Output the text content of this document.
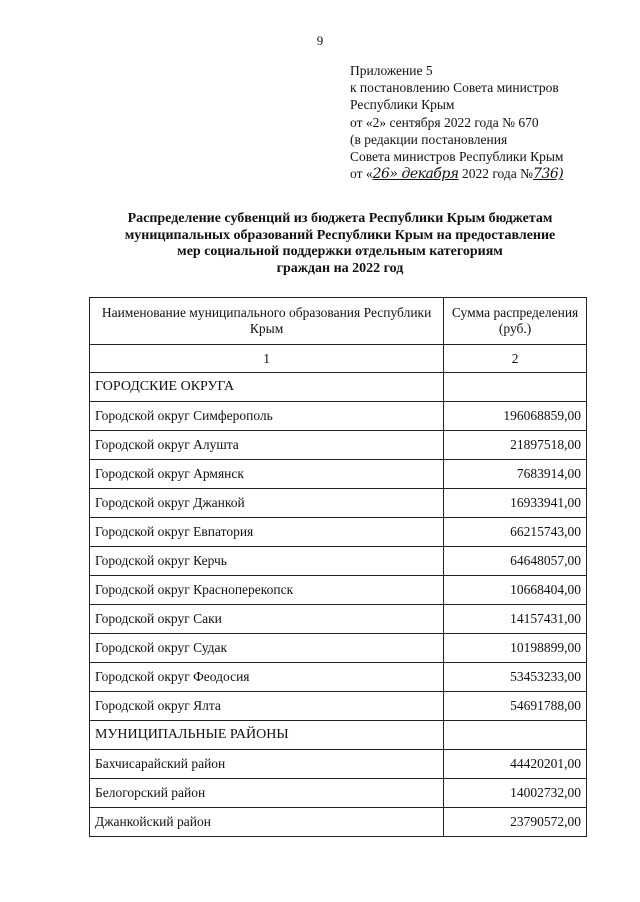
9
Приложение 5
к постановлению Совета министров
Республики Крым
от «2» сентября 2022 года № 670
(в редакции постановления
Совета министров Республики Крым
от «26» декабря 2022 года №736)
Распределение субвенций из бюджета Республики Крым бюджетам
муниципальных образований Республики Крым на предоставление
мер социальной поддержки отдельным категориям
граждан на 2022 год
Наименование муниципального образования Республики Крым	Сумма распределения (руб.)
1	2
ГОРОДСКИЕ ОКРУГА	
Городской округ Симферополь	196068859,00
Городской округ Алушта	21897518,00
Городской округ Армянск	7683914,00
Городской округ Джанкой	16933941,00
Городской округ Евпатория	66215743,00
Городской округ Керчь	64648057,00
Городской округ Красноперекопск	10668404,00
Городской округ Саки	14157431,00
Городской округ Судак	10198899,00
Городской округ Феодосия	53453233,00
Городской округ Ялта	54691788,00
МУНИЦИПАЛЬНЫЕ РАЙОНЫ	
Бахчисарайский район	44420201,00
Белогорский район	14002732,00
Джанкойский район	23790572,00
